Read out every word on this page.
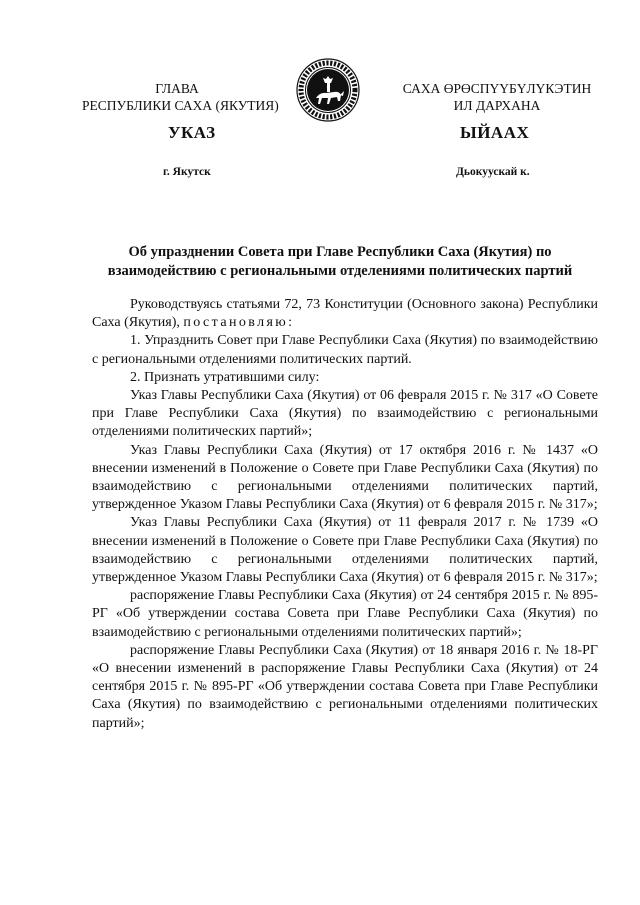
ГЛАВА
РЕСПУБЛИКИ САХА (ЯКУТИЯ)
САХА ӨРӨСПҮҮБҮЛҮКЭТИН
ИЛ ДАРХАНА
УКАЗ	ЫЙААХ
г. Якутск	Дьокуускай к.
Об упразднении Совета при Главе Республики Саха (Якутия) по
взаимодействию с региональными отделениями политических партий

Руководствуясь статьями 72, 73 Конституции (Основного закона) Республики Саха (Якутия), постановляю:

1. Упразднить Совет при Главе Республики Саха (Якутия) по взаимодействию с региональными отделениями политических партий.

2. Признать утратившими силу:

Указ Главы Республики Саха (Якутия) от 06 февраля 2015 г. № 317 «О Совете при Главе Республики Саха (Якутия) по взаимодействию с региональными отделениями политических партий»;

Указ Главы Республики Саха (Якутия) от 17 октября 2016 г. № 1437 «О внесении изменений в Положение о Совете при Главе Республики Саха (Якутия) по взаимодействию с региональными отделениями политических партий, утвержденное Указом Главы Республики Саха (Якутия) от 6 февраля 2015 г. № 317»;

Указ Главы Республики Саха (Якутия) от 11 февраля 2017 г. № 1739 «О внесении изменений в Положение о Совете при Главе Республики Саха (Якутия) по взаимодействию с региональными отделениями политических партий, утвержденное Указом Главы Республики Саха (Якутия) от 6 февраля 2015 г. № 317»;

распоряжение Главы Республики Саха (Якутия) от 24 сентября 2015 г. № 895-РГ «Об утверждении состава Совета при Главе Республики Саха (Якутия) по взаимодействию с региональными отделениями политических партий»;

распоряжение Главы Республики Саха (Якутия) от 18 января 2016 г. № 18-РГ «О внесении изменений в распоряжение Главы Республики Саха (Якутия) от 24 сентября 2015 г. № 895-РГ «Об утверждении состава Совета при Главе Республики Саха (Якутия) по взаимодействию с региональными отделениями политических партий»;
